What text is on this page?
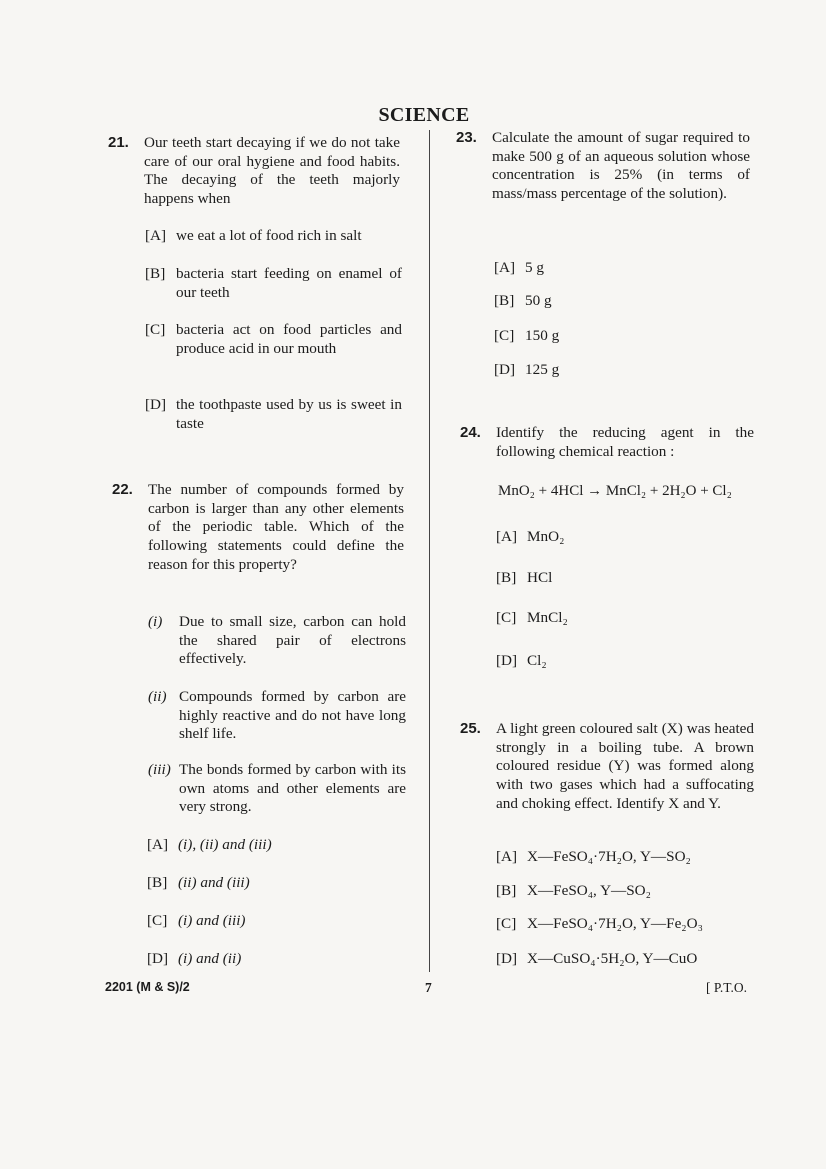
SCIENCE
21. Our teeth start decaying if we do not take care of our oral hygiene and food habits. The decaying of the teeth majorly happens when
[A] we eat a lot of food rich in salt
[B] bacteria start feeding on enamel of our teeth
[C] bacteria act on food particles and produce acid in our mouth
[D] the toothpaste used by us is sweet in taste
22. The number of compounds formed by carbon is larger than any other elements of the periodic table. Which of the following statements could define the reason for this property?
(i) Due to small size, carbon can hold the shared pair of electrons effectively.
(ii) Compounds formed by carbon are highly reactive and do not have long shelf life.
(iii) The bonds formed by carbon with its own atoms and other elements are very strong.
[A] (i), (ii) and (iii)
[B] (ii) and (iii)
[C] (i) and (iii)
[D] (i) and (ii)
23. Calculate the amount of sugar required to make 500 g of an aqueous solution whose concentration is 25% (in terms of mass/mass percentage of the solution).
[A] 5 g
[B] 50 g
[C] 150 g
[D] 125 g
24. Identify the reducing agent in the following chemical reaction :
MnO₂ + 4HCl → MnCl₂ + 2H₂O + Cl₂
[A] MnO₂
[B] HCl
[C] MnCl₂
[D] Cl₂
25. A light green coloured salt (X) was heated strongly in a boiling tube. A brown coloured residue (Y) was formed along with two gases which had a suffocating and choking effect. Identify X and Y.
[A] X—FeSO₄·7H₂O, Y—SO₂
[B] X—FeSO₄, Y—SO₂
[C] X—FeSO₄·7H₂O, Y—Fe₂O₃
[D] X—CuSO₄·5H₂O, Y—CuO
2201 (M & S)/2	7	[ P.T.O.
